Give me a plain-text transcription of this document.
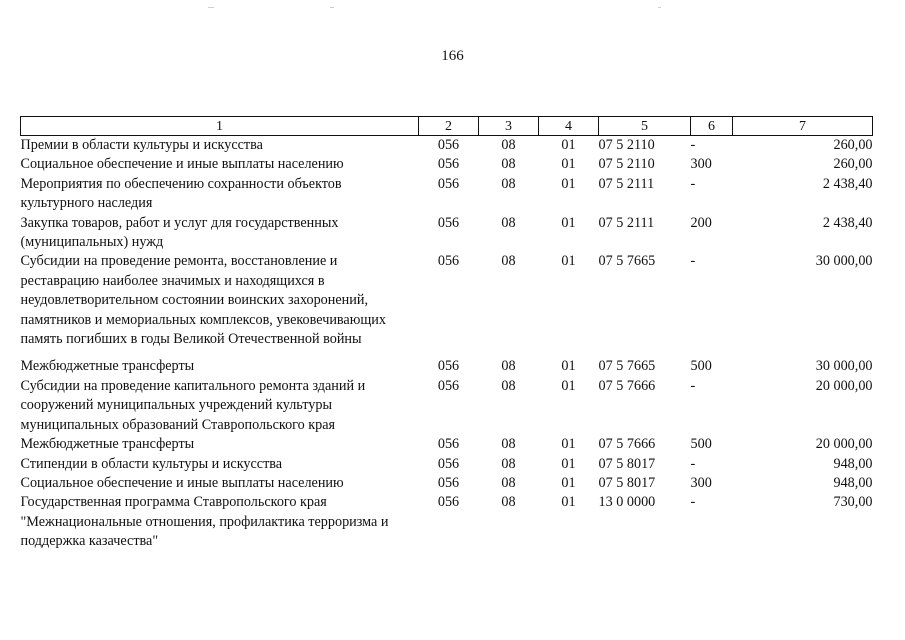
166
1	2	3	4	5	6	7
Премии в области культуры и искусства	056	08	01	07 5 2110	-	260,00
Социальное обеспечение и иные выплаты населению	056	08	01	07 5 2110	300	260,00
Мероприятия по обеспечению сохранности объектов культурного наследия	056	08	01	07 5 2111	-	2 438,40
Закупка товаров, работ и услуг для государственных (муниципальных) нужд	056	08	01	07 5 2111	200	2 438,40
Субсидии на проведение ремонта, восстановление и реставрацию наиболее значимых и находящихся в неудовлетворительном состоянии воинских захоронений, памятников и мемориальных комплексов, увековечивающих память погибших в годы Великой Отечественной войны	056	08	01	07 5 7665	-	30 000,00
Межбюджетные трансферты	056	08	01	07 5 7665	500	30 000,00
Субсидии на проведение капитального ремонта зданий и сооружений муниципальных учреждений культуры муниципальных образований Ставропольского края	056	08	01	07 5 7666	-	20 000,00
Межбюджетные трансферты	056	08	01	07 5 7666	500	20 000,00
Стипендии в области культуры и искусства	056	08	01	07 5 8017	-	948,00
Социальное обеспечение и иные выплаты населению	056	08	01	07 5 8017	300	948,00
Государственная программа Ставропольского края "Межнациональные отношения, профилактика терроризма и поддержка казачества"	056	08	01	13 0 0000	-	730,00
